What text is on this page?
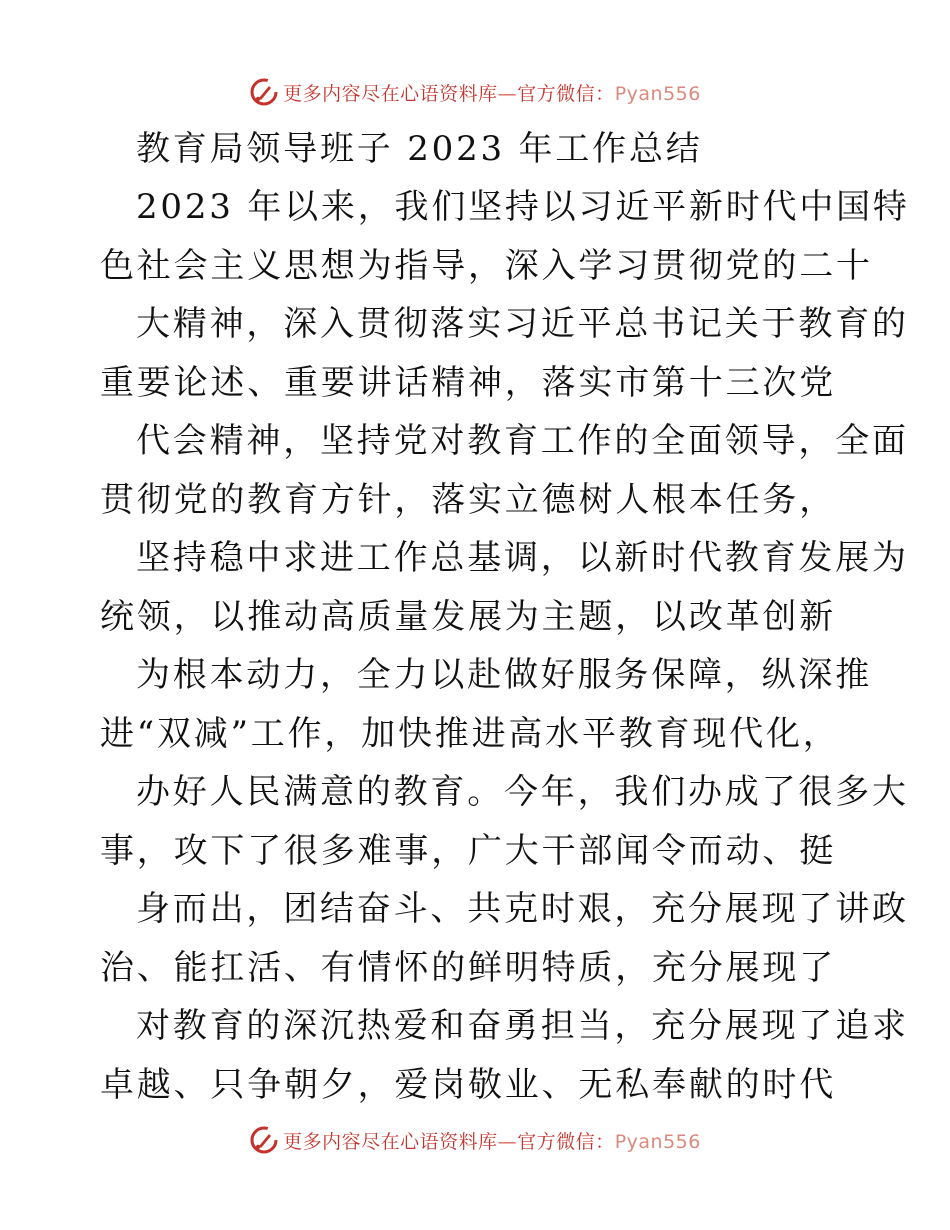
更多内容尽在心语资料库—官方微信：Pyan556
教育局领导班子 2023 年工作总结
2023 年以来，我们坚持以习近平新时代中国特
色社会主义思想为指导，深入学习贯彻党的二十
大精神，深入贯彻落实习近平总书记关于教育的
重要论述、重要讲话精神，落实市第十三次党
代会精神，坚持党对教育工作的全面领导，全面
贯彻党的教育方针，落实立德树人根本任务，
坚持稳中求进工作总基调，以新时代教育发展为
统领，以推动高质量发展为主题，以改革创新
为根本动力，全力以赴做好服务保障，纵深推
进“双减”工作，加快推进高水平教育现代化，
办好人民满意的教育。今年，我们办成了很多大
事，攻下了很多难事，广大干部闻令而动、挺
身而出，团结奋斗、共克时艰，充分展现了讲政
治、能扛活、有情怀的鲜明特质，充分展现了
对教育的深沉热爱和奋勇担当，充分展现了追求
卓越、只争朝夕，爱岗敬业、无私奉献的时代
更多内容尽在心语资料库—官方微信：Pyan556
